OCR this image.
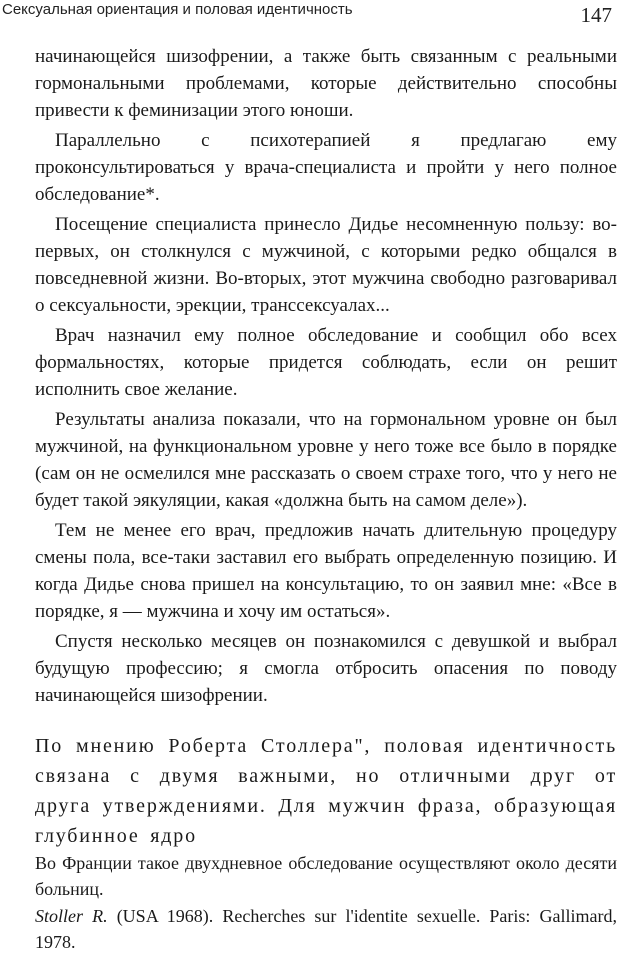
Сексуальная ориентация и половая идентичность	147

начинающейся шизофрении, а также быть связанным с реальными гормональными проблемами, которые действительно способны привести к феминизации этого юноши.

Параллельно с психотерапией я предлагаю ему проконсультироваться у врача-специалиста и пройти у него полное обследование*.

Посещение специалиста принесло Дидье несомненную пользу: во-первых, он столкнулся с мужчиной, с которыми редко общался в повседневной жизни. Во-вторых, этот мужчина свободно разговаривал о сексуальности, эрекции, транссексуалах...

Врач назначил ему полное обследование и сообщил обо всех формальностях, которые придется соблюдать, если он решит исполнить свое желание.

Результаты анализа показали, что на гормональном уровне он был мужчиной, на функциональном уровне у него тоже все было в порядке (сам он не осмелился мне рассказать о своем страхе того, что у него не будет такой эякуляции, какая «должна быть на самом деле»).

Тем не менее его врач, предложив начать длительную процедуру смены пола, все-таки заставил его выбрать определенную позицию. И когда Дидье снова пришел на консультацию, то он заявил мне: «Все в порядке, я — мужчина и хочу им остаться».

Спустя несколько месяцев он познакомился с девушкой и выбрал будущую профессию; я смогла отбросить опасения по поводу начинающейся шизофрении.

По мнению Роберта Столлера", половая идентичность связана с двумя важными, но отличными друг от друга утверждениями. Для мужчин фраза, образующая глубинное ядро

Во Франции такое двухдневное обследование осуществляют около десяти больниц.

Stoller R. (USA 1968). Recherches sur l'identite sexuelle. Paris: Gallimard, 1978.
